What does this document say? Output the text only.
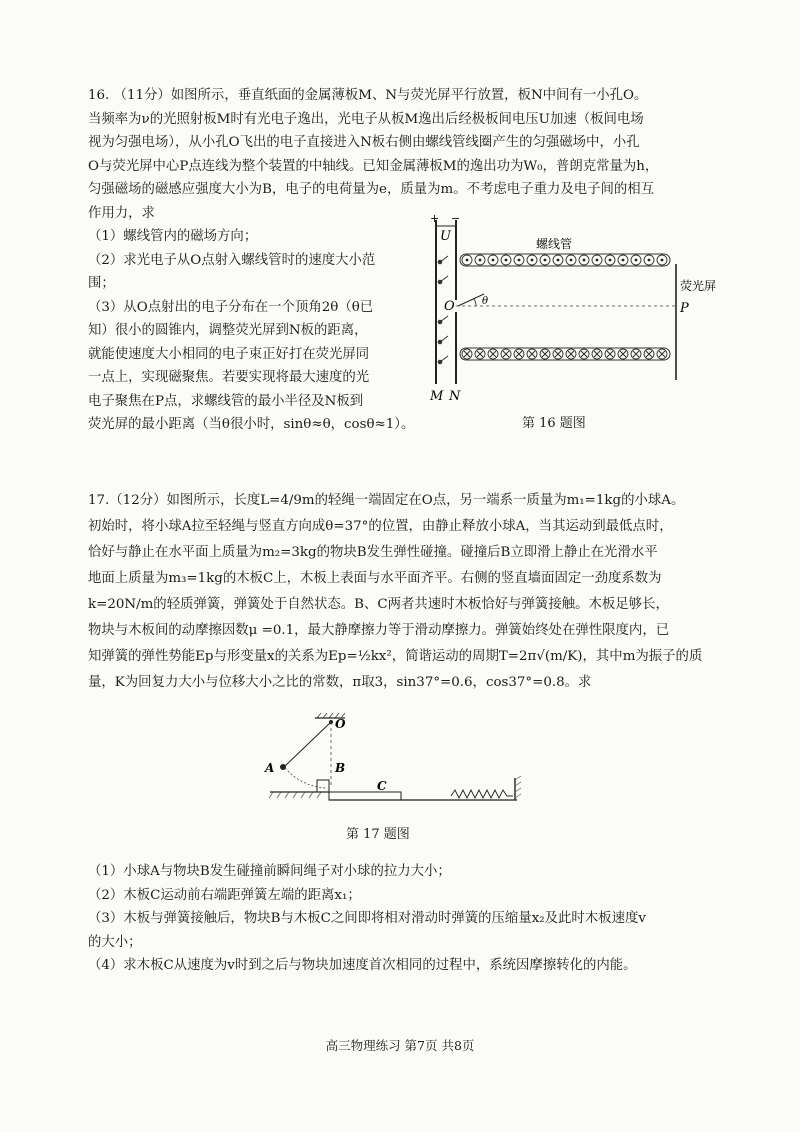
16. （11分）如图所示，垂直纸面的金属薄板M、N与荧光屏平行放置，板N中间有一小孔O。
当频率为ν的光照射板M时有光电子逸出，光电子从板M逸出后经极板间电压U加速（板间电场
视为匀强电场），从小孔O飞出的电子直接进入N板右侧由螺线管线圈产生的匀强磁场中，小孔
O与荧光屏中心P点连线为整个装置的中轴线。已知金属薄板M的逸出功为W₀，普朗克常量为h，
匀强磁场的磁感应强度大小为B，电子的电荷量为e，质量为m。不考虑电子重力及电子间的相互
作用力，求
（1）螺线管内的磁场方向；
（2）求光电子从O点射入螺线管时的速度大小范
围；
（3）从O点射出的电子分布在一个顶角2θ（θ已
知）很小的圆锥内，调整荧光屏到N板的距离，
就能使速度大小相同的电子束正好打在荧光屏同
一点上，实现磁聚焦。若要实现将最大速度的光
电子聚焦在P点，求螺线管的最小半径及N板到
荧光屏的最小距离（当θ很小时，sinθ≈θ，cosθ≈1）。
+ −
U	螺线管
θ
O
荧光屏
P
M N
第 16 题图
17.（12分）如图所示，长度L=4/9m的轻绳一端固定在O点，另一端系一质量为m₁=1kg的小球A。
初始时，将小球A拉至轻绳与竖直方向成θ=37°的位置，由静止释放小球A，当其运动到最低点时，
恰好与静止在水平面上质量为m₂=3kg的物块B发生弹性碰撞。碰撞后B立即滑上静止在光滑水平
地面上质量为m₃=1kg的木板C上，木板上表面与水平面齐平。右侧的竖直墙面固定一劲度系数为
k=20N/m的轻质弹簧，弹簧处于自然状态。B、C两者共速时木板恰好与弹簧接触。木板足够长，
物块与木板间的动摩擦因数μ =0.1，最大静摩擦力等于滑动摩擦力。弹簧始终处在弹性限度内，已
知弹簧的弹性势能Ep与形变量x的关系为Ep=½kx²，简谐运动的周期T=2π√(m/K)，其中m为振子的质
量，K为回复力大小与位移大小之比的常数，π取3，sin37°=0.6，cos37°=0.8。求
O
A	B
C
第 17 题图
（1）小球A与物块B发生碰撞前瞬间绳子对小球的拉力大小；
（2）木板C运动前右端距弹簧左端的距离x₁；
（3）木板与弹簧接触后，物块B与木板C之间即将相对滑动时弹簧的压缩量x₂及此时木板速度v
的大小；
（4）求木板C从速度为v时到之后与物块加速度首次相同的过程中，系统因摩擦转化的内能。
高三物理练习 第7页 共8页
